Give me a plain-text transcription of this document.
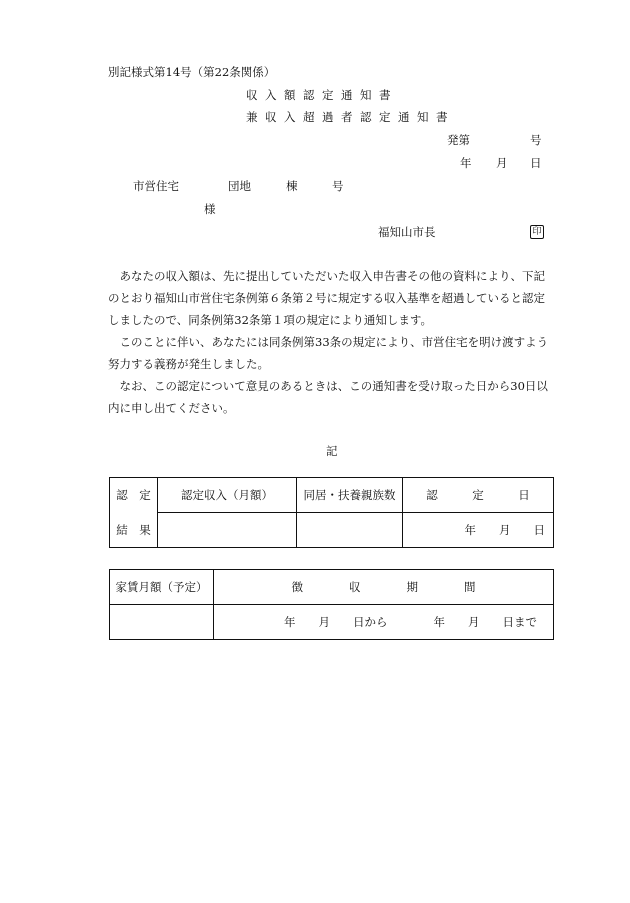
別記様式第14号（第22条関係）
収入額認定通知書
兼収入超過者認定通知書
発第	号
年 月 日
市営住宅	団地	棟	号
様
福知山市長	印

あなたの収入額は、先に提出していただいた収入申告書その他の資料により、下記のとおり福知山市営住宅条例第６条第２号に規定する収入基準を超過していると認定しましたので、同条例第32条第１項の規定により通知します。

このことに伴い、あなたには同条例第33条の規定により、市営住宅を明け渡すよう努力する義務が発生しました。

なお、この認定について意見のあるときは、この通知書を受け取った日から30日以内に申し出てください。

記
認　定	認定収入（月額）	同居・扶養親族数	認　　　定　　　日
結　果			年　　月　　日
家賃月額（予定）	徴　　　　収　　　　期　　　　間
	年　　月　　日から　　　　年　　月　　日まで
